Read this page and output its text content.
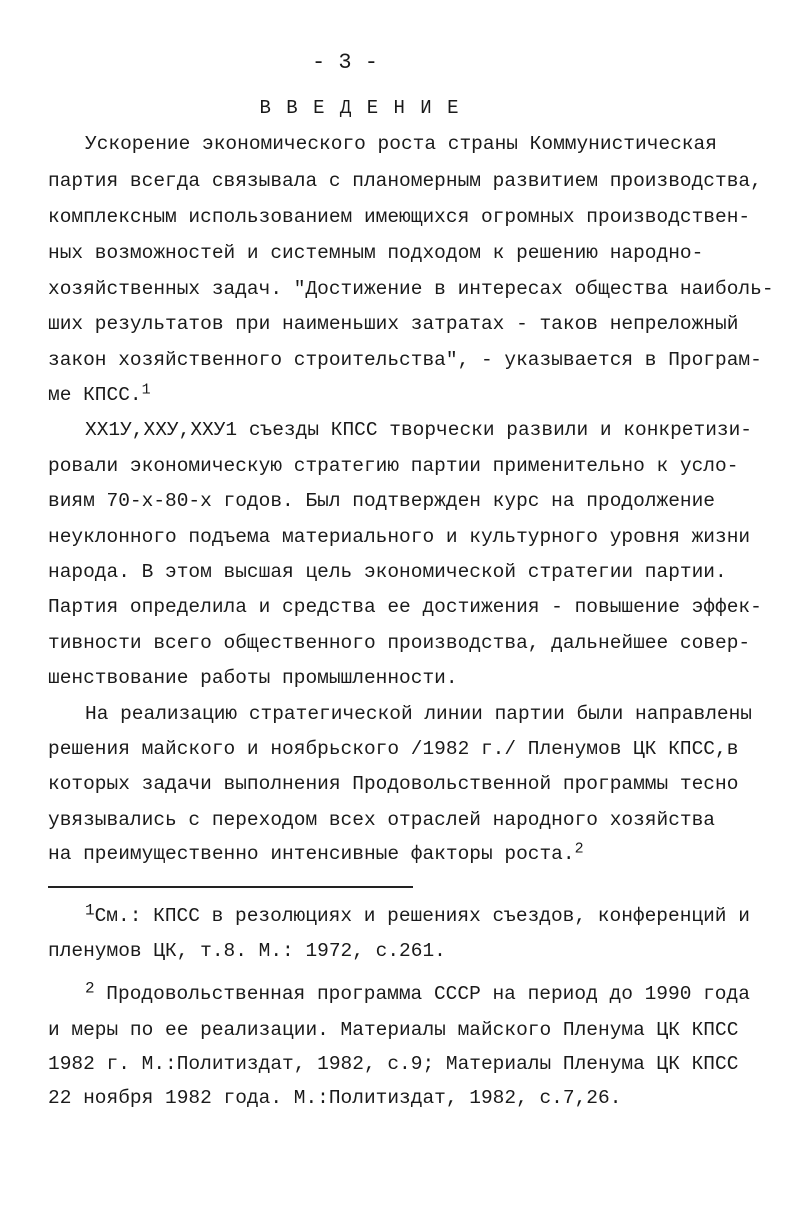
- 3 -
В В Е Д Е Н И Е
Ускорение экономического роста страны Коммунистическая
партия всегда связывала с планомерным развитием производства,
комплексным использованием имеющихся огромных производствен-
ных возможностей и системным подходом к решению народно-
хозяйственных задач. "Достижение в интересах общества наиболь-
ших результатов при наименьших затратах - таков непреложный
закон хозяйственного строительства", - указывается в Програм-
ме КПСС.$^1$
ХХ1У,ХХУ,ХХУ1 съезды КПСС творчески развили и конкретизи-
ровали экономическую стратегию партии применительно к усло-
виям 70-х-80-х годов. Был подтвержден курс на продолжение
неуклонного подъема материального и культурного уровня жизни
народа. В этом высшая цель экономической стратегии партии.
Партия определила и средства ее достижения - повышение эффек-
тивности всего общественного производства, дальнейшее совер-
шенствование работы промышленности.
На реализацию стратегической линии партии были направлены
решения майского и ноябрьского /1982 г./ Пленумов ЦК КПСС,в
которых задачи выполнения Продовольственной программы тесно
увязывались с переходом всех отраслей народного хозяйства
на преимущественно интенсивные факторы роста.$^2$
$^1$См.: КПСС в резолюциях и решениях съездов, конференций и
пленумов ЦК, т.8. М.: 1972, с.261.
$^2$ Продовольственная программа СССР на период до 1990 года
и меры по ее реализации. Материалы майского Пленума ЦК КПСС
1982 г. М.:Политиздат, 1982, с.9; Материалы Пленума ЦК КПСС
22 ноября 1982 года. М.:Политиздат, 1982, с.7,26.
